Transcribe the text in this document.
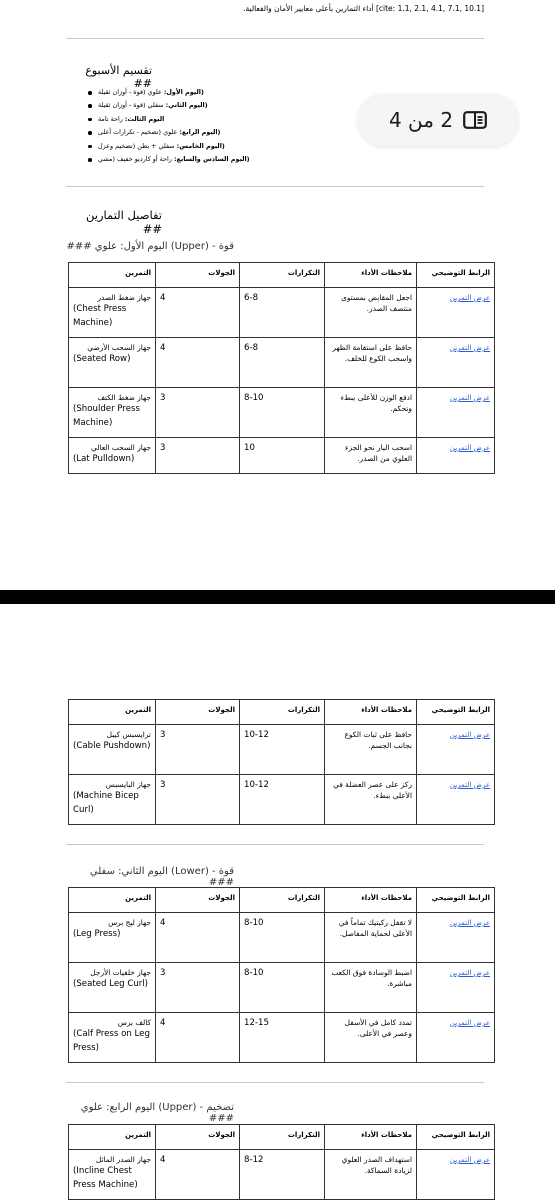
[cite: 1.1, 2.1, 4.1, 7.1, 10.1] أداء التمارين بأعلى معايير الأمان والفعالية.
تقسيم الأسبوع ##
(اليوم الأول: علوي (قوة - أوزان ثقيلة
(اليوم الثاني: سفلي (قوة - أوزان ثقيلة
اليوم الثالث: راحة تامة
(اليوم الرابع: علوي (تضخيم - تكرارات أعلى
(اليوم الخامس: سفلي + بطن (تضخيم وعزل
(اليوم السادس والسابع: راحة أو كارديو خفيف (مشي
2 من 4
تفاصيل التمارين ##
قوة - (Upper) اليوم الأول: علوي ###
التمرين	الجولات	التكرارات	ملاحظات الأداء	الرابط التوضيحي

جهاز ضغط الصدر
(Chest Press Machine)	4	6-8	اجعل المقابض بمستوى منتصف الصدر.	عرض التمرين

جهاز السحب الأرضي
(Seated Row)	4	6-8	حافظ على استقامة الظهر واسحب الكوع للخلف.	عرض التمرين

جهاز ضغط الكتف
(Shoulder Press Machine)	3	8-10	ادفع الوزن للأعلى ببطء وتحكم.	عرض التمرين

جهاز السحب العالي
(Lat Pulldown)	3	10	اسحب البار نحو الجزء العلوي من الصدر.	عرض التمرين
التمرين	الجولات	التكرارات	ملاحظات الأداء	الرابط التوضيحي

ترايسبس كيبل
(Cable Pushdown)	3	10-12	حافظ على ثبات الكوع بجانب الجسم.	عرض التمرين

جهاز البايسبس
(Machine Bicep Curl)	3	10-12	ركز على عصر العضلة في الأعلى ببطء.	عرض التمرين
قوة - (Lower) اليوم الثاني: سفلي ###
التمرين	الجولات	التكرارات	ملاحظات الأداء	الرابط التوضيحي

جهاز ليج برس
(Leg Press)	4	8-10	لا تقفل ركبتيك تماماً في الأعلى لحماية المفاصل.	عرض التمرين

جهاز خلفيات الأرجل
(Seated Leg Curl)	3	8-10	اضبط الوسادة فوق الكعب مباشرة.	عرض التمرين

كالف برس
(Calf Press on Leg Press)	4	12-15	تمدد كامل في الأسفل وعصر في الأعلى.	عرض التمرين
تضخيم - (Upper) اليوم الرابع: علوي ###
التمرين	الجولات	التكرارات	ملاحظات الأداء	الرابط التوضيحي

جهاز الصدر المائل
(Incline Chest Press Machine)	4	8-12	استهداف الصدر العلوي لزيادة السماكة.	عرض التمرين
